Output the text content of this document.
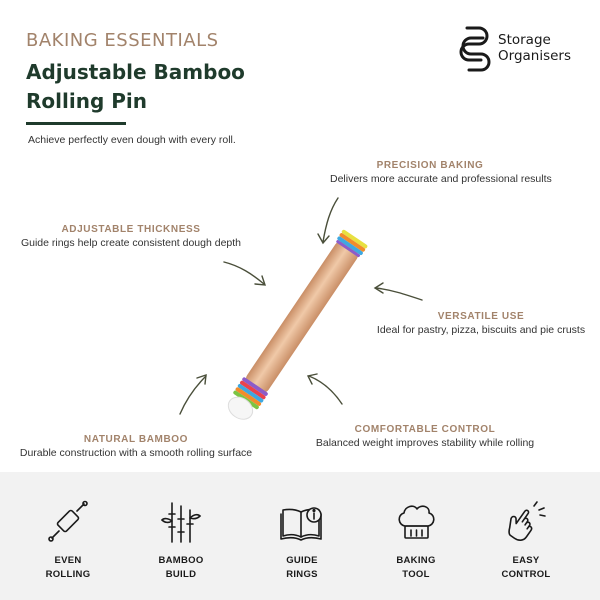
BAKING ESSENTIALS
Adjustable Bamboo Rolling Pin
Achieve perfectly even dough with every roll.
Storage
Organisers
PRECISION BAKING
Delivers more accurate and professional results
ADJUSTABLE THICKNESS
Guide rings help create consistent dough depth
VERSATILE USE
Ideal for pastry, pizza, biscuits and pie crusts
COMFORTABLE CONTROL
Balanced weight improves stability while rolling
NATURAL BAMBOO
Durable construction with a smooth rolling surface
EVEN
ROLLING
BAMBOO
BUILD
GUIDE
RINGS
BAKING
TOOL
EASY
CONTROL
